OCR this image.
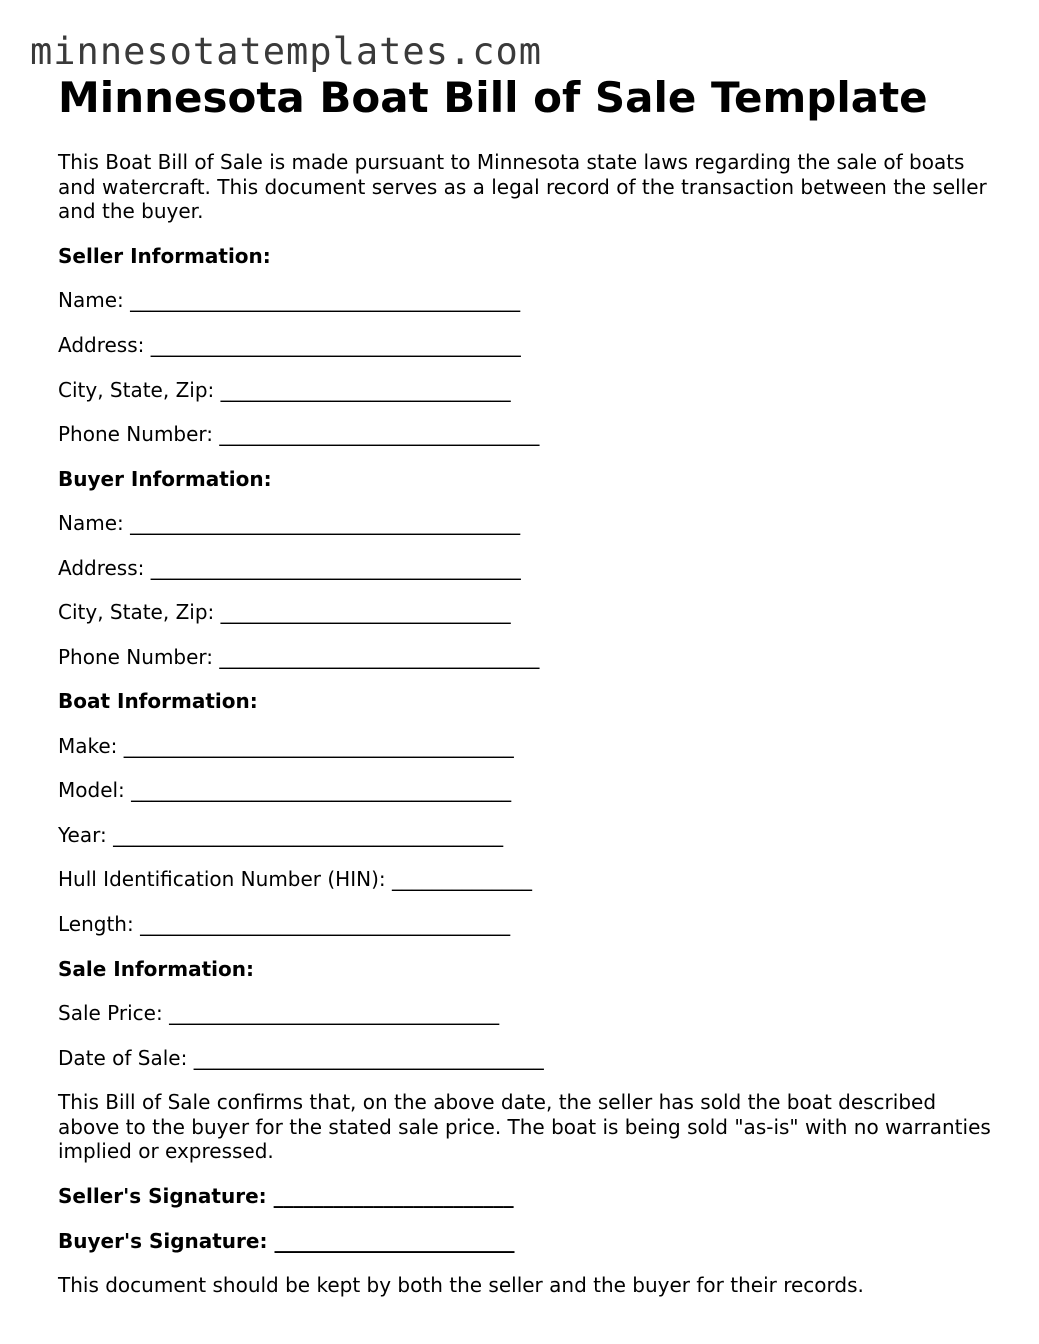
minnesotatemplates.com
Minnesota Boat Bill of Sale Template

This Boat Bill of Sale is made pursuant to Minnesota state laws regarding the sale of boats and watercraft. This document serves as a legal record of the transaction between the seller and the buyer.

Seller Information:
Name: _______________________________________
Address: _____________________________________
City, State, Zip: _____________________________
Phone Number: ________________________________
Buyer Information:
Name: _______________________________________
Address: _____________________________________
City, State, Zip: _____________________________
Phone Number: ________________________________
Boat Information:
Make: _______________________________________
Model: ______________________________________
Year: _______________________________________
Hull Identification Number (HIN): ______________
Length: _____________________________________
Sale Information:
Sale Price: _________________________________
Date of Sale: ___________________________________

This Bill of Sale confirms that, on the above date, the seller has sold the boat described above to the buyer for the stated sale price. The boat is being sold "as-is" with no warranties implied or expressed.

Seller's Signature: ________________________
Buyer's Signature: ________________________
This document should be kept by both the seller and the buyer for their records.
